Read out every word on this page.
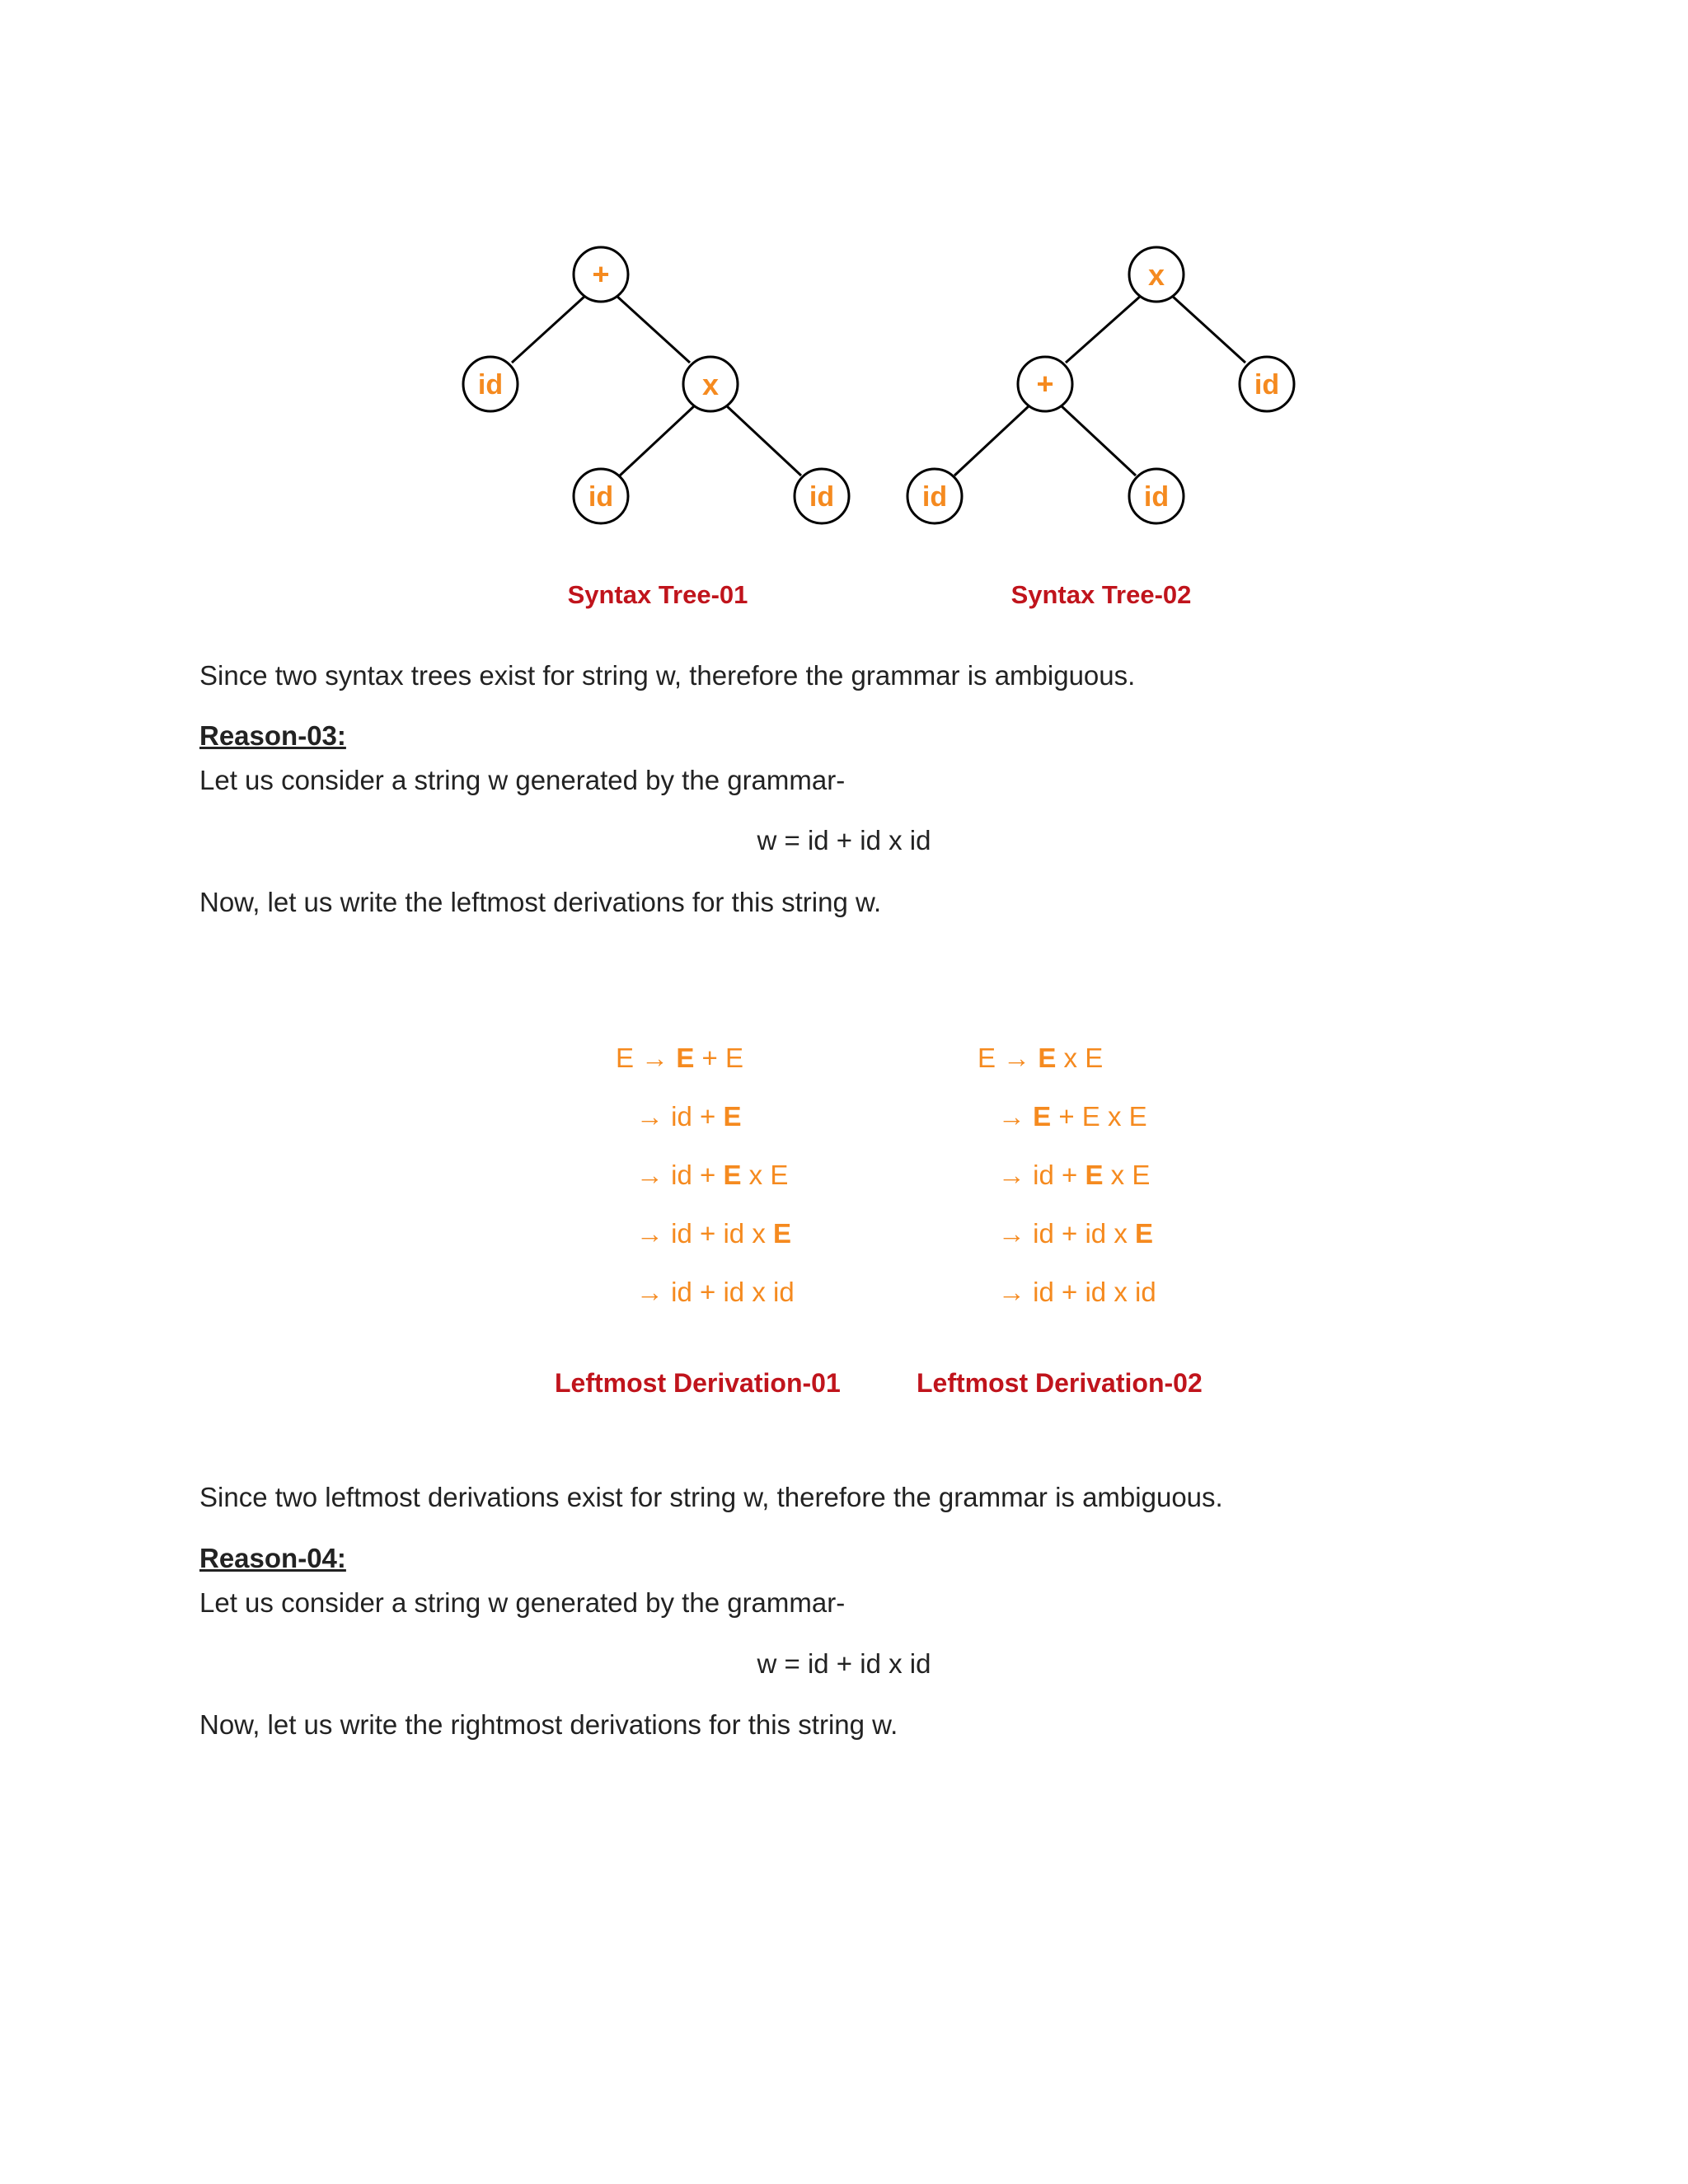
+
id	x
id	id
x
+	id
id	id
Syntax Tree-01	Syntax Tree-02
Since two syntax trees exist for string w, therefore the grammar is ambiguous.
Reason-03:
Let us consider a string w generated by the grammar-
w = id + id x id
Now, let us write the leftmost derivations for this string w.
E → E + E
→ id + E
→ id + E x E
→ id + id x E
→ id + id x id
Leftmost Derivation-01
E → E x E
→ E + E x E
→ id + E x E
→ id + id x E
→ id + id x id
Leftmost Derivation-02
Since two leftmost derivations exist for string w, therefore the grammar is ambiguous.
Reason-04:
Let us consider a string w generated by the grammar-
w = id + id x id
Now, let us write the rightmost derivations for this string w.
